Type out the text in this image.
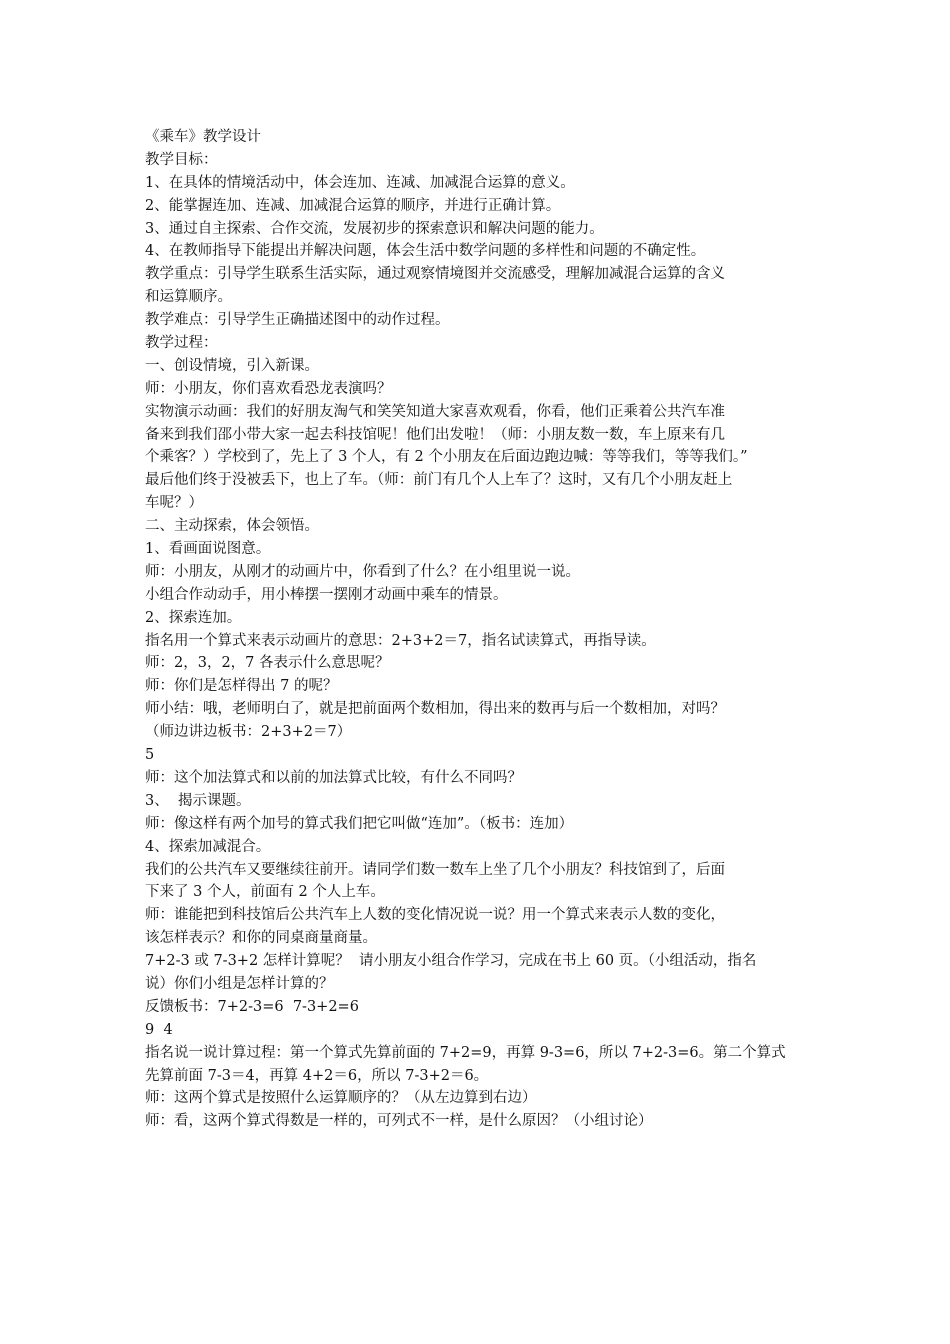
《乘车》教学设计
教学目标：
1、在具体的情境活动中，体会连加、连减、加减混合运算的意义。
2、能掌握连加、连减、加减混合运算的顺序，并进行正确计算。
3、通过自主探索、合作交流，发展初步的探索意识和解决问题的能力。
4、在教师指导下能提出并解决问题，体会生活中数学问题的多样性和问题的不确定性。
教学重点：引导学生联系生活实际，通过观察情境图并交流感受，理解加减混合运算的含义
和运算顺序。
教学难点：引导学生正确描述图中的动作过程。
教学过程：
一、创设情境，引入新课。
师：小朋友，你们喜欢看恐龙表演吗？
实物演示动画：我们的好朋友淘气和笑笑知道大家喜欢观看，你看，他们正乘着公共汽车准
备来到我们邵小带大家一起去科技馆呢！他们出发啦！（师：小朋友数一数，车上原来有几
个乘客？）学校到了，先上了 3 个人，有 2 个小朋友在后面边跑边喊：等等我们，等等我们。”
最后他们终于没被丢下，也上了车。（师：前门有几个人上车了？这时，又有几个小朋友赶上
车呢？）
二、主动探索，体会领悟。
1、看画面说图意。
师：小朋友，从刚才的动画片中，你看到了什么？在小组里说一说。
小组合作动动手，用小棒摆一摆刚才动画中乘车的情景。
2、探索连加。
指名用一个算式来表示动画片的意思：2+3+2＝7，指名试读算式，再指导读。
师：2，3，2，7 各表示什么意思呢？
师：你们是怎样得出 7 的呢？
师小结：哦，老师明白了，就是把前面两个数相加，得出来的数再与后一个数相加，对吗？
（师边讲边板书：2+3+2＝7）
5
师：这个加法算式和以前的加法算式比较，有什么不同吗？
3、  揭示课题。
师：像这样有两个加号的算式我们把它叫做“连加”。（板书：连加）
4、探索加减混合。
我们的公共汽车又要继续往前开。请同学们数一数车上坐了几个小朋友？科技馆到了，后面
下来了 3 个人，前面有 2 个人上车。
师：谁能把到科技馆后公共汽车上人数的变化情况说一说？用一个算式来表示人数的变化，
该怎样表示？和你的同桌商量商量。
7+2-3 或 7-3+2 怎样计算呢？  请小朋友小组合作学习，完成在书上 60 页。（小组活动，指名
说）你们小组是怎样计算的？
反馈板书：7+2-3=6  7-3+2=6
9  4
指名说一说计算过程：第一个算式先算前面的 7+2=9，再算 9-3=6，所以 7+2-3=6。第二个算式
先算前面 7-3＝4，再算 4+2＝6，所以 7-3+2＝6。
师：这两个算式是按照什么运算顺序的？（从左边算到右边）
师：看，这两个算式得数是一样的，可列式不一样，是什么原因？（小组讨论）
